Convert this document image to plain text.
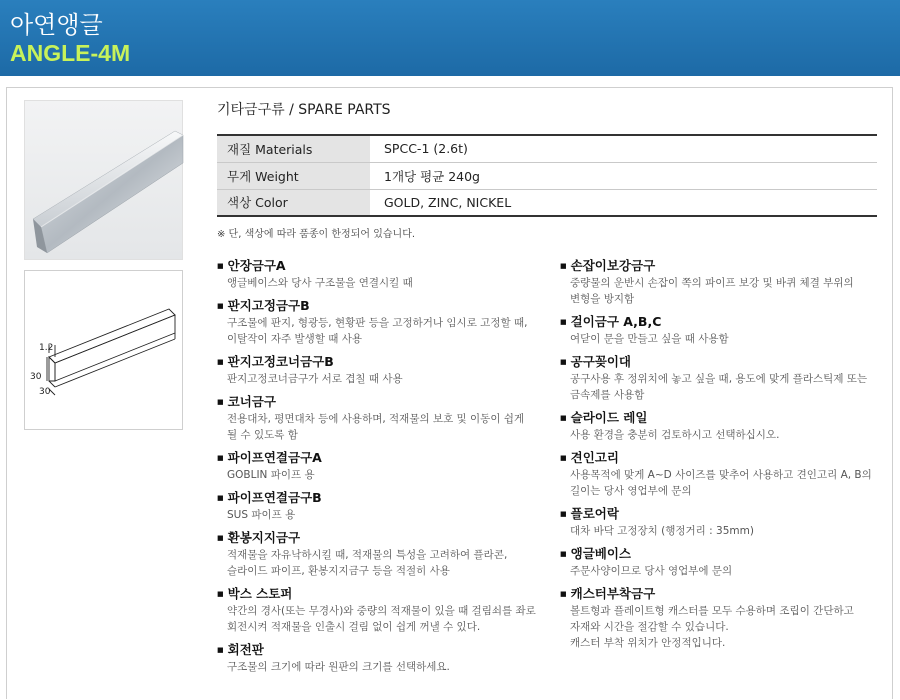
아연앵글
ANGLE-4M
1.2
30
30
기타금구류 / SPARE PARTS
재질 Materials	SPCC-1 (2.6t)
무게 Weight	1개당 평균 240g
색상 Color	GOLD, ZINC, NICKEL
※ 단, 색상에 따라 품종이 한정되어 있습니다.
■ 안장금구A
앵글베이스와 당사 구조물을 연결시킬 때
■ 판지고정금구B
구조물에 판지, 형광등, 현황판 등을 고정하거나 임시로 고정할 때,
이탈작이 자주 발생할 때 사용
■ 판지고정코너금구B
판지고정코너금구가 서로 겹칠 때 사용
■ 코너금구
전용대차, 평면대차 등에 사용하며, 적재물의 보호 및 이동이 쉽게
될 수 있도록 함
■ 파이프연결금구A
GOBLIN 파이프 용
■ 파이프연결금구B
SUS 파이프 용
■ 환봉지지금구
적재물을 자유낙하시킬 때, 적재물의 특성을 고려하여 플라콘,
슬라이드 파이프, 환봉지지금구 등을 적절히 사용
■ 박스 스토퍼
약간의 경사(또는 무경사)와 중량의 적재물이 있을 때 걸림쇠를 좌로
회전시켜 적재물을 인출시 걸림 없이 쉽게 꺼낼 수 있다.
■ 회전판
구조물의 크기에 따라 원판의 크기를 선택하세요.
■ 손잡이보강금구
중량물의 운반시 손잡이 쪽의 파이프 보강 및 바퀴 체결 부위의
변형을 방지함
■ 걸이금구 A,B,C
여닫이 문을 만들고 싶을 때 사용함
■ 공구꽂이대
공구사용 후 정위치에 놓고 싶을 때, 용도에 맞게 플라스틱제 또는
금속제를 사용함
■ 슬라이드 레일
사용 환경을 충분히 검토하시고 선택하십시오.
■ 견인고리
사용목적에 맞게 A~D 사이즈를 맞추어 사용하고 견인고리 A, B의
길이는 당사 영업부에 문의
■ 플로어락
대차 바닥 고정장치 (행정거리 : 35mm)
■ 앵글베이스
주문사양이므로 당사 영업부에 문의
■ 캐스터부착금구
볼트형과 플레이트형 캐스터를 모두 수용하며 조립이 간단하고
자재와 시간을 절감할 수 있습니다.
캐스터 부착 위치가 안정적입니다.
